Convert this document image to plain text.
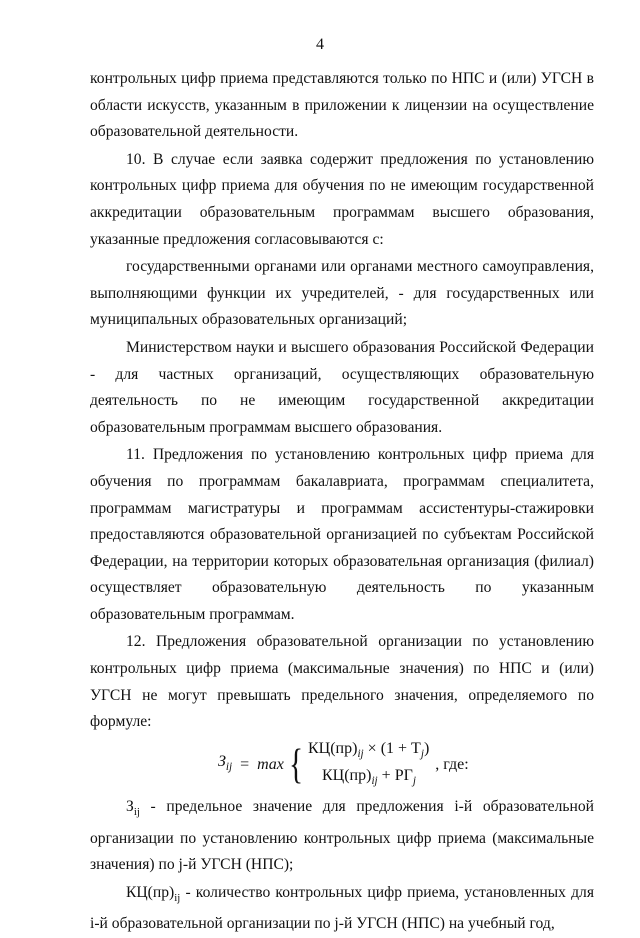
4

контрольных цифр приема представляются только по НПС и (или) УГСН в области искусств, указанным в приложении к лицензии на осуществление образовательной деятельности.

10. В случае если заявка содержит предложения по установлению контрольных цифр приема для обучения по не имеющим государственной аккредитации образовательным программам высшего образования, указанные предложения согласовываются с:

государственными органами или органами местного самоуправления, выполняющими функции их учредителей, - для государственных или муниципальных образовательных организаций;

Министерством науки и высшего образования Российской Федерации - для частных организаций, осуществляющих образовательную деятельность по не имеющим государственной аккредитации образовательным программам высшего образования.

11. Предложения по установлению контрольных цифр приема для обучения по программам бакалавриата, программам специалитета, программам магистратуры и программам ассистентуры-стажировки предоставляются образовательной организацией по субъектам Российской Федерации, на территории которых образовательная организация (филиал) осуществляет образовательную деятельность по указанным образовательным программам.

12. Предложения образовательной организации по установлению контрольных цифр приема (максимальные значения) по НПС и (или) УГСН не могут превышать предельного значения, определяемого по формуле:

$З_{ij} = \max$ { $КЦ(пр)_{ij} \times (1 + Т_j)$
$КЦ(пр)_{ij} + РГ_j$
, где:

$З_{ij}$ - предельное значение для предложения i-й образовательной организации по установлению контрольных цифр приема (максимальные значения) по j-й УГСН (НПС);

$КЦ(пр)_{ij}$ - количество контрольных цифр приема, установленных для i-й образовательной организации по j-й УГСН (НПС) на учебный год,
